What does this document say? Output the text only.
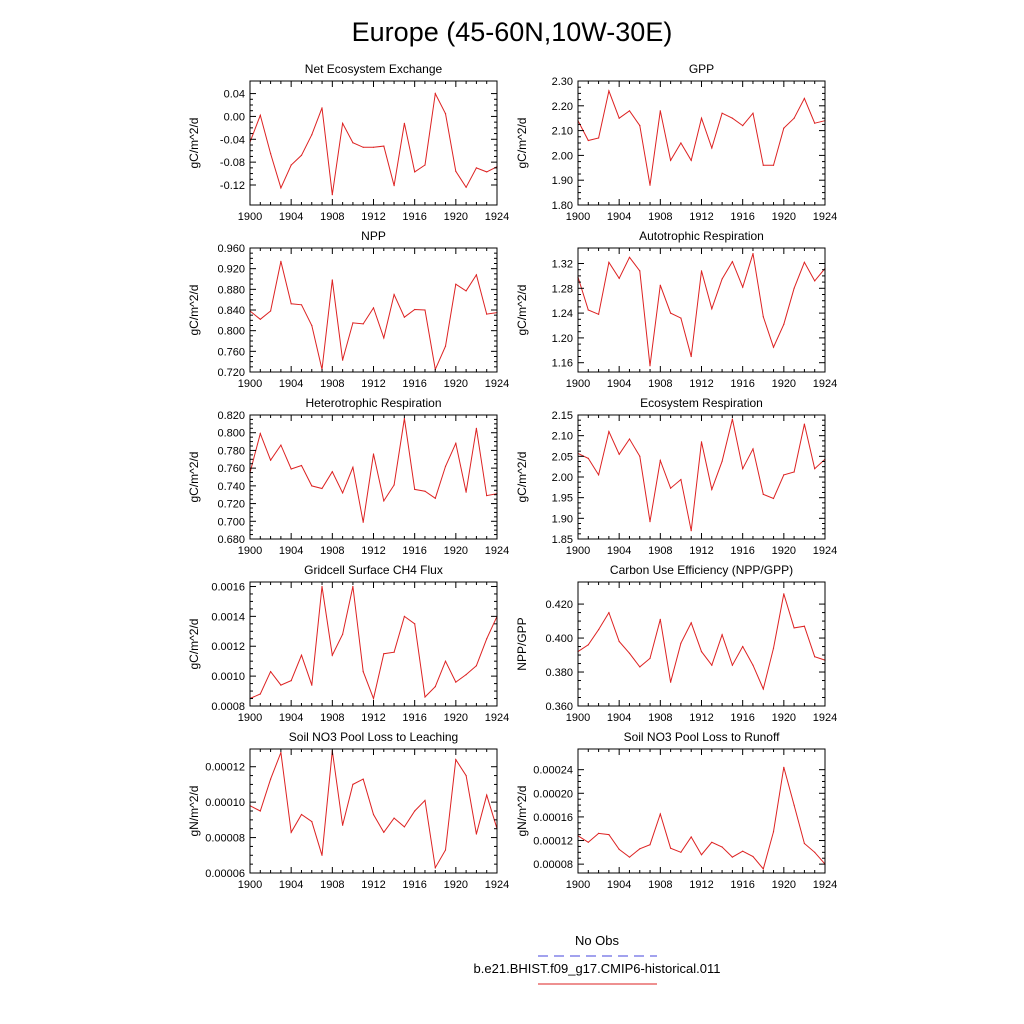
Europe (45-60N,10W-30E)
Net Ecosystem Exchange
1900 1904 1908 1912 1916 1920 1924
0.04
0.00
-0.04
-0.08
-0.12
gC/m^2/d
GPP
1900 1904 1908 1912 1916 1920 1924
2.30
2.20
2.10
2.00
1.90
1.80
gC/m^2/d
NPP
1900 1904 1908 1912 1916 1920 1924
0.960
0.920
0.880
0.840
0.800
0.760
0.720
gC/m^2/d
Autotrophic Respiration
1900 1904 1908 1912 1916 1920 1924
1.32
1.28
1.24
1.20
1.16
gC/m^2/d
Heterotrophic Respiration
1900 1904 1908 1912 1916 1920 1924
0.820
0.800
0.780
0.760
0.740
0.720
0.700
0.680
gC/m^2/d
Ecosystem Respiration
1900 1904 1908 1912 1916 1920 1924
2.15
2.10
2.05
2.00
1.95
1.90
1.85
gC/m^2/d
Gridcell Surface CH4 Flux
1900 1904 1908 1912 1916 1920 1924
0.0016
0.0014
0.0012
0.0010
0.0008
gC/m^2/d
Carbon Use Efficiency (NPP/GPP)
1900 1904 1908 1912 1916 1920 1924
0.420
0.400
0.380
0.360
NPP/GPP
Soil NO3 Pool Loss to Leaching
1900 1904 1908 1912 1916 1920 1924
0.00012
0.00010
0.00008
0.00006
gN/m^2/d
Soil NO3 Pool Loss to Runoff
1900 1904 1908 1912 1916 1920 1924
0.00024
0.00020
0.00016
0.00012
0.00008
gN/m^2/d
No Obs
b.e21.BHIST.f09_g17.CMIP6-historical.011
